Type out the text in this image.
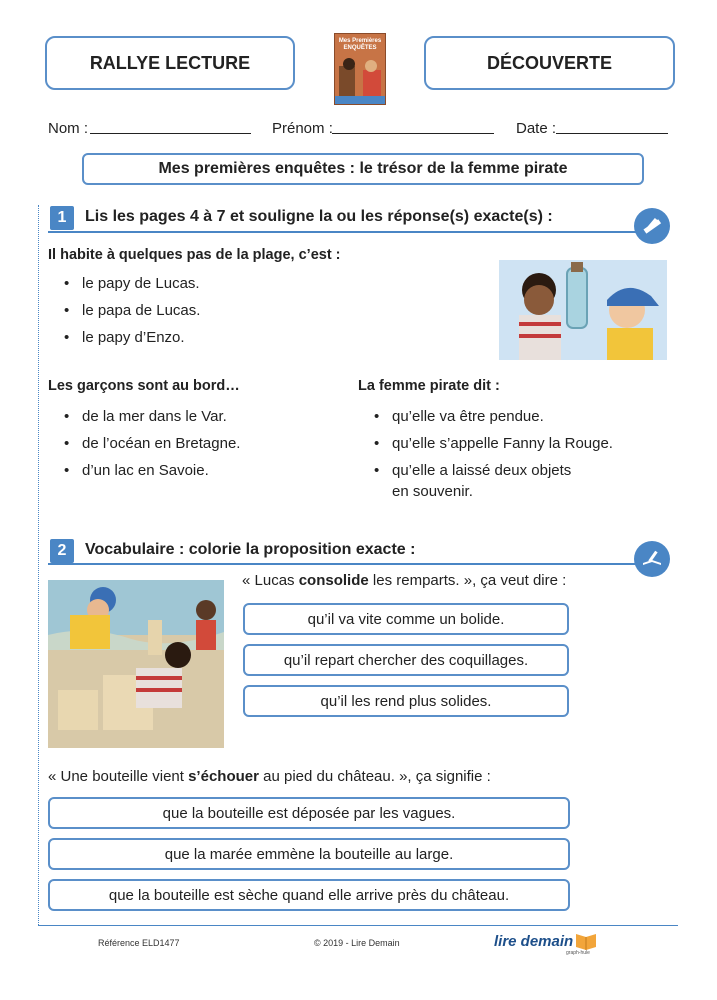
RALLYE LECTURE
Mes Premières ENQUÊTES
DÉCOUVERTE
Nom :	Prénom :	Date :
Mes premières enquêtes : le trésor de la femme pirate
1 Lis les pages 4 à 7 et souligne la ou les réponse(s) exacte(s) :
Il habite à quelques pas de la plage, c’est :
• le papy de Lucas.
• le papa de Lucas.
• le papy d’Enzo.
Les garçons sont au bord…
• de la mer dans le Var.
• de l’océan en Bretagne.
• d’un lac en Savoie.
La femme pirate dit :
• qu’elle va être pendue.
• qu’elle s’appelle Fanny la Rouge.
• qu’elle a laissé deux objets
en souvenir.
2 Vocabulaire : colorie la proposition exacte :
« Lucas consolide les remparts. », ça veut dire :
qu’il va vite comme un bolide.
qu’il repart chercher des coquillages.
qu’il les rend plus solides.
« Une bouteille vient s’échouer au pied du château. », ça signifie :
que la bouteille est déposée par les vagues.
que la marée emmène la bouteille au large.
que la bouteille est sèche quand elle arrive près du château.
Référence ELD1477	© 2019 - Lire Demain	lire demain
graph-hule
